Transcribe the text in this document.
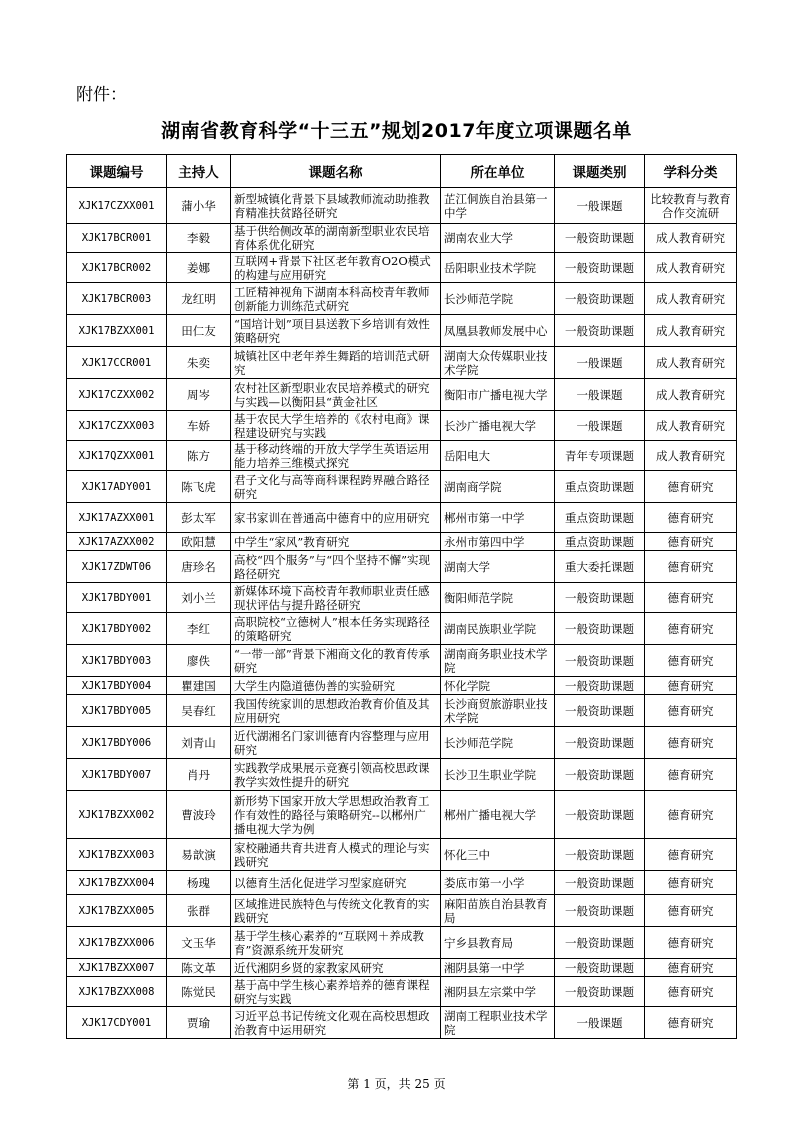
附件：
湖南省教育科学“十三五”规划2017年度立项课题名单
课题编号	主持人	课题名称	所在单位	课题类别	学科分类
XJK17CZXX001	蒲小华	新型城镇化背景下县域教师流动助推教育精准扶贫路径研究	芷江侗族自治县第一中学	一般课题	比较教育与教育合作交流研
XJK17BCR001	李毅	基于供给侧改革的湖南新型职业农民培育体系优化研究	湖南农业大学	一般资助课题	成人教育研究
XJK17BCR002	姜娜	互联网+背景下社区老年教育O2O模式的构建与应用研究	岳阳职业技术学院	一般资助课题	成人教育研究
XJK17BCR003	龙红明	工匠精神视角下湖南本科高校青年教师创新能力训练范式研究	长沙师范学院	一般资助课题	成人教育研究
XJK17BZXX001	田仁友	“国培计划”项目县送教下乡培训有效性策略研究	凤凰县教师发展中心	一般资助课题	成人教育研究
XJK17CCR001	朱奕	城镇社区中老年养生舞蹈的培训范式研究	湖南大众传媒职业技术学院	一般课题	成人教育研究
XJK17CZXX002	周岑	农村社区新型职业农民培养模式的研究与实践—以衡阳县“黄金社区	衡阳市广播电视大学	一般课题	成人教育研究
XJK17CZXX003	车娇	基于农民大学生培养的《农村电商》课程建设研究与实践	长沙广播电视大学	一般课题	成人教育研究
XJK17QZXX001	陈方	基于移动终端的开放大学学生英语运用能力培养三维模式探究	岳阳电大	青年专项课题	成人教育研究
XJK17ADY001	陈飞虎	君子文化与高等商科课程跨界融合路径研究	湖南商学院	重点资助课题	德育研究
XJK17AZXX001	彭太军	家书家训在普通高中德育中的应用研究	郴州市第一中学	重点资助课题	德育研究
XJK17AZXX002	欧阳慧	中学生“家风”教育研究	永州市第四中学	重点资助课题	德育研究
XJK17ZDWT06	唐珍名	高校“四个服务”与“四个坚持不懈”实现路径研究	湖南大学	重大委托课题	德育研究
XJK17BDY001	刘小兰	新媒体环境下高校青年教师职业责任感现状评估与提升路径研究	衡阳师范学院	一般资助课题	德育研究
XJK17BDY002	李红	高职院校“立德树人”根本任务实现路径的策略研究	湖南民族职业学院	一般资助课题	德育研究
XJK17BDY003	廖佚	“一带一部”背景下湘商文化的教育传承研究	湖南商务职业技术学院	一般资助课题	德育研究
XJK17BDY004	瞿建国	大学生内隐道德伪善的实验研究	怀化学院	一般资助课题	德育研究
XJK17BDY005	吴春红	我国传统家训的思想政治教育价值及其应用研究	长沙商贸旅游职业技术学院	一般资助课题	德育研究
XJK17BDY006	刘青山	近代湖湘名门家训德育内容整理与应用研究	长沙师范学院	一般资助课题	德育研究
XJK17BDY007	肖丹	实践教学成果展示竞赛引领高校思政课教学实效性提升的研究	长沙卫生职业学院	一般资助课题	德育研究
XJK17BZXX002	曹波玲	新形势下国家开放大学思想政治教育工作有效性的路径与策略研究--以郴州广播电视大学为例	郴州广播电视大学	一般资助课题	德育研究
XJK17BZXX003	易歆演	家校融通共育共进育人模式的理论与实践研究	怀化三中	一般资助课题	德育研究
XJK17BZXX004	杨瑰	以德育生活化促进学习型家庭研究	娄底市第一小学	一般资助课题	德育研究
XJK17BZXX005	张群	区域推进民族特色与传统文化教育的实践研究	麻阳苗族自治县教育局	一般资助课题	德育研究
XJK17BZXX006	文玉华	基于学生核心素养的“互联网＋养成教育”资源系统开发研究	宁乡县教育局	一般资助课题	德育研究
XJK17BZXX007	陈文革	近代湘阴乡贤的家教家风研究	湘阴县第一中学	一般资助课题	德育研究
XJK17BZXX008	陈觉民	基于高中学生核心素养培养的德育课程研究与实践	湘阴县左宗棠中学	一般资助课题	德育研究
XJK17CDY001	贾瑜	习近平总书记传统文化观在高校思想政治教育中运用研究	湖南工程职业技术学院	一般课题	德育研究
第 1 页，共 25 页
